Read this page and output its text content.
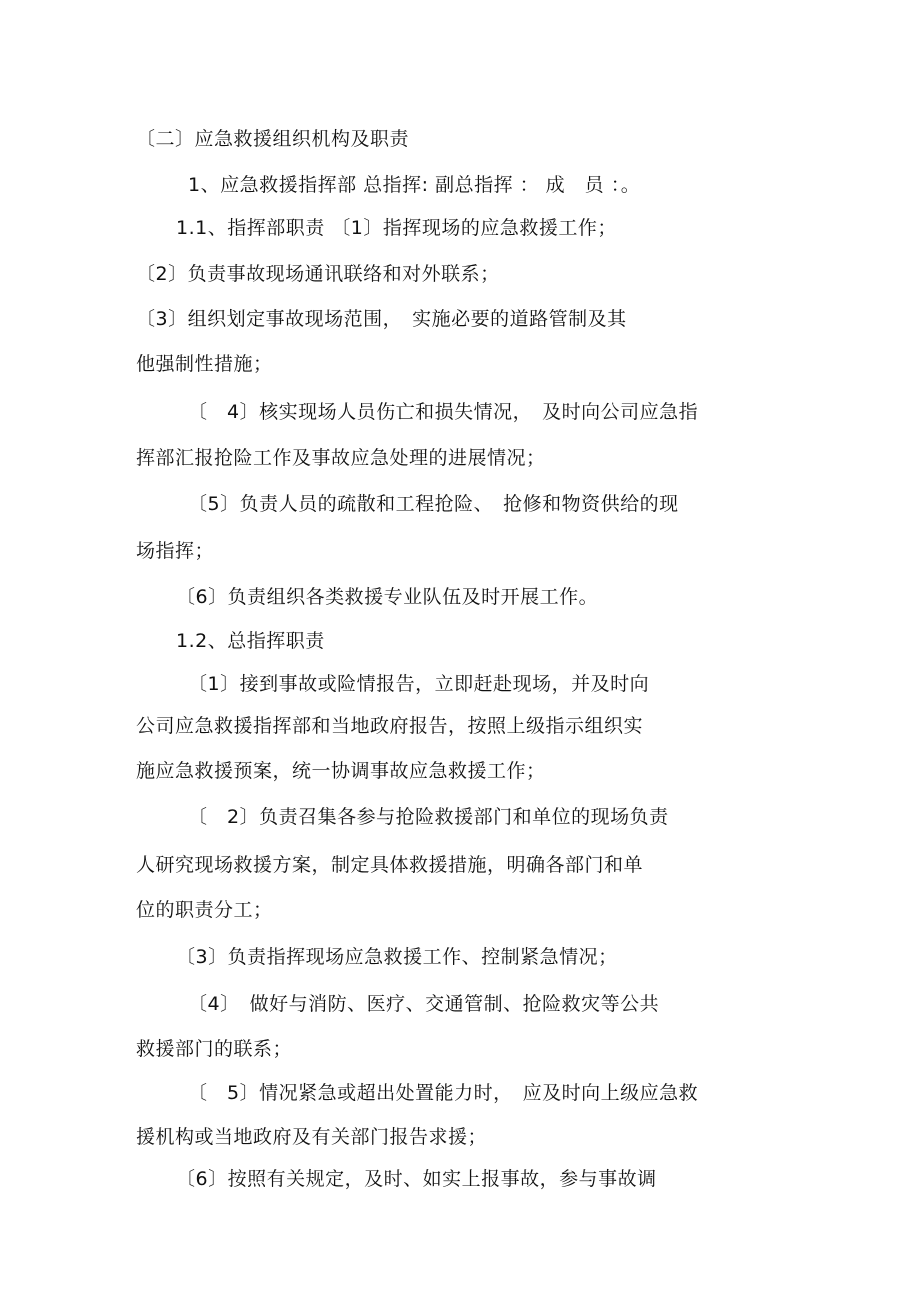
〔二〕应急救援组织机构及职责
1、应急救援指挥部 总指挥: 副总指挥 ： 成　员 ：。
1.1、指挥部职责 〔1〕指挥现场的应急救援工作；
〔2〕负责事故现场通讯联络和对外联系；
〔3〕组织划定事故现场范围，　实施必要的道路管制及其
他强制性措施；
〔　4〕核实现场人员伤亡和损失情况，　及时向公司应急指
挥部汇报抢险工作及事故应急处理的进展情况；
〔5〕负责人员的疏散和工程抢险、　抢修和物资供给的现
场指挥；
〔6〕负责组织各类救援专业队伍及时开展工作。
1.2、总指挥职责
〔1〕接到事故或险情报告，立即赶赴现场，并及时向
公司应急救援指挥部和当地政府报告，按照上级指示组织实
施应急救援预案，统一协调事故应急救援工作；
〔　2〕负责召集各参与抢险救援部门和单位的现场负责
人研究现场救援方案，制定具体救援措施，明确各部门和单
位的职责分工；
〔3〕负责指挥现场应急救援工作、控制紧急情况；
〔4〕　做好与消防、医疗、交通管制、抢险救灾等公共
救援部门的联系；
〔　5〕情况紧急或超出处置能力时，　应及时向上级应急救
援机构或当地政府及有关部门报告求援；
〔6〕按照有关规定，及时、如实上报事故，参与事故调
